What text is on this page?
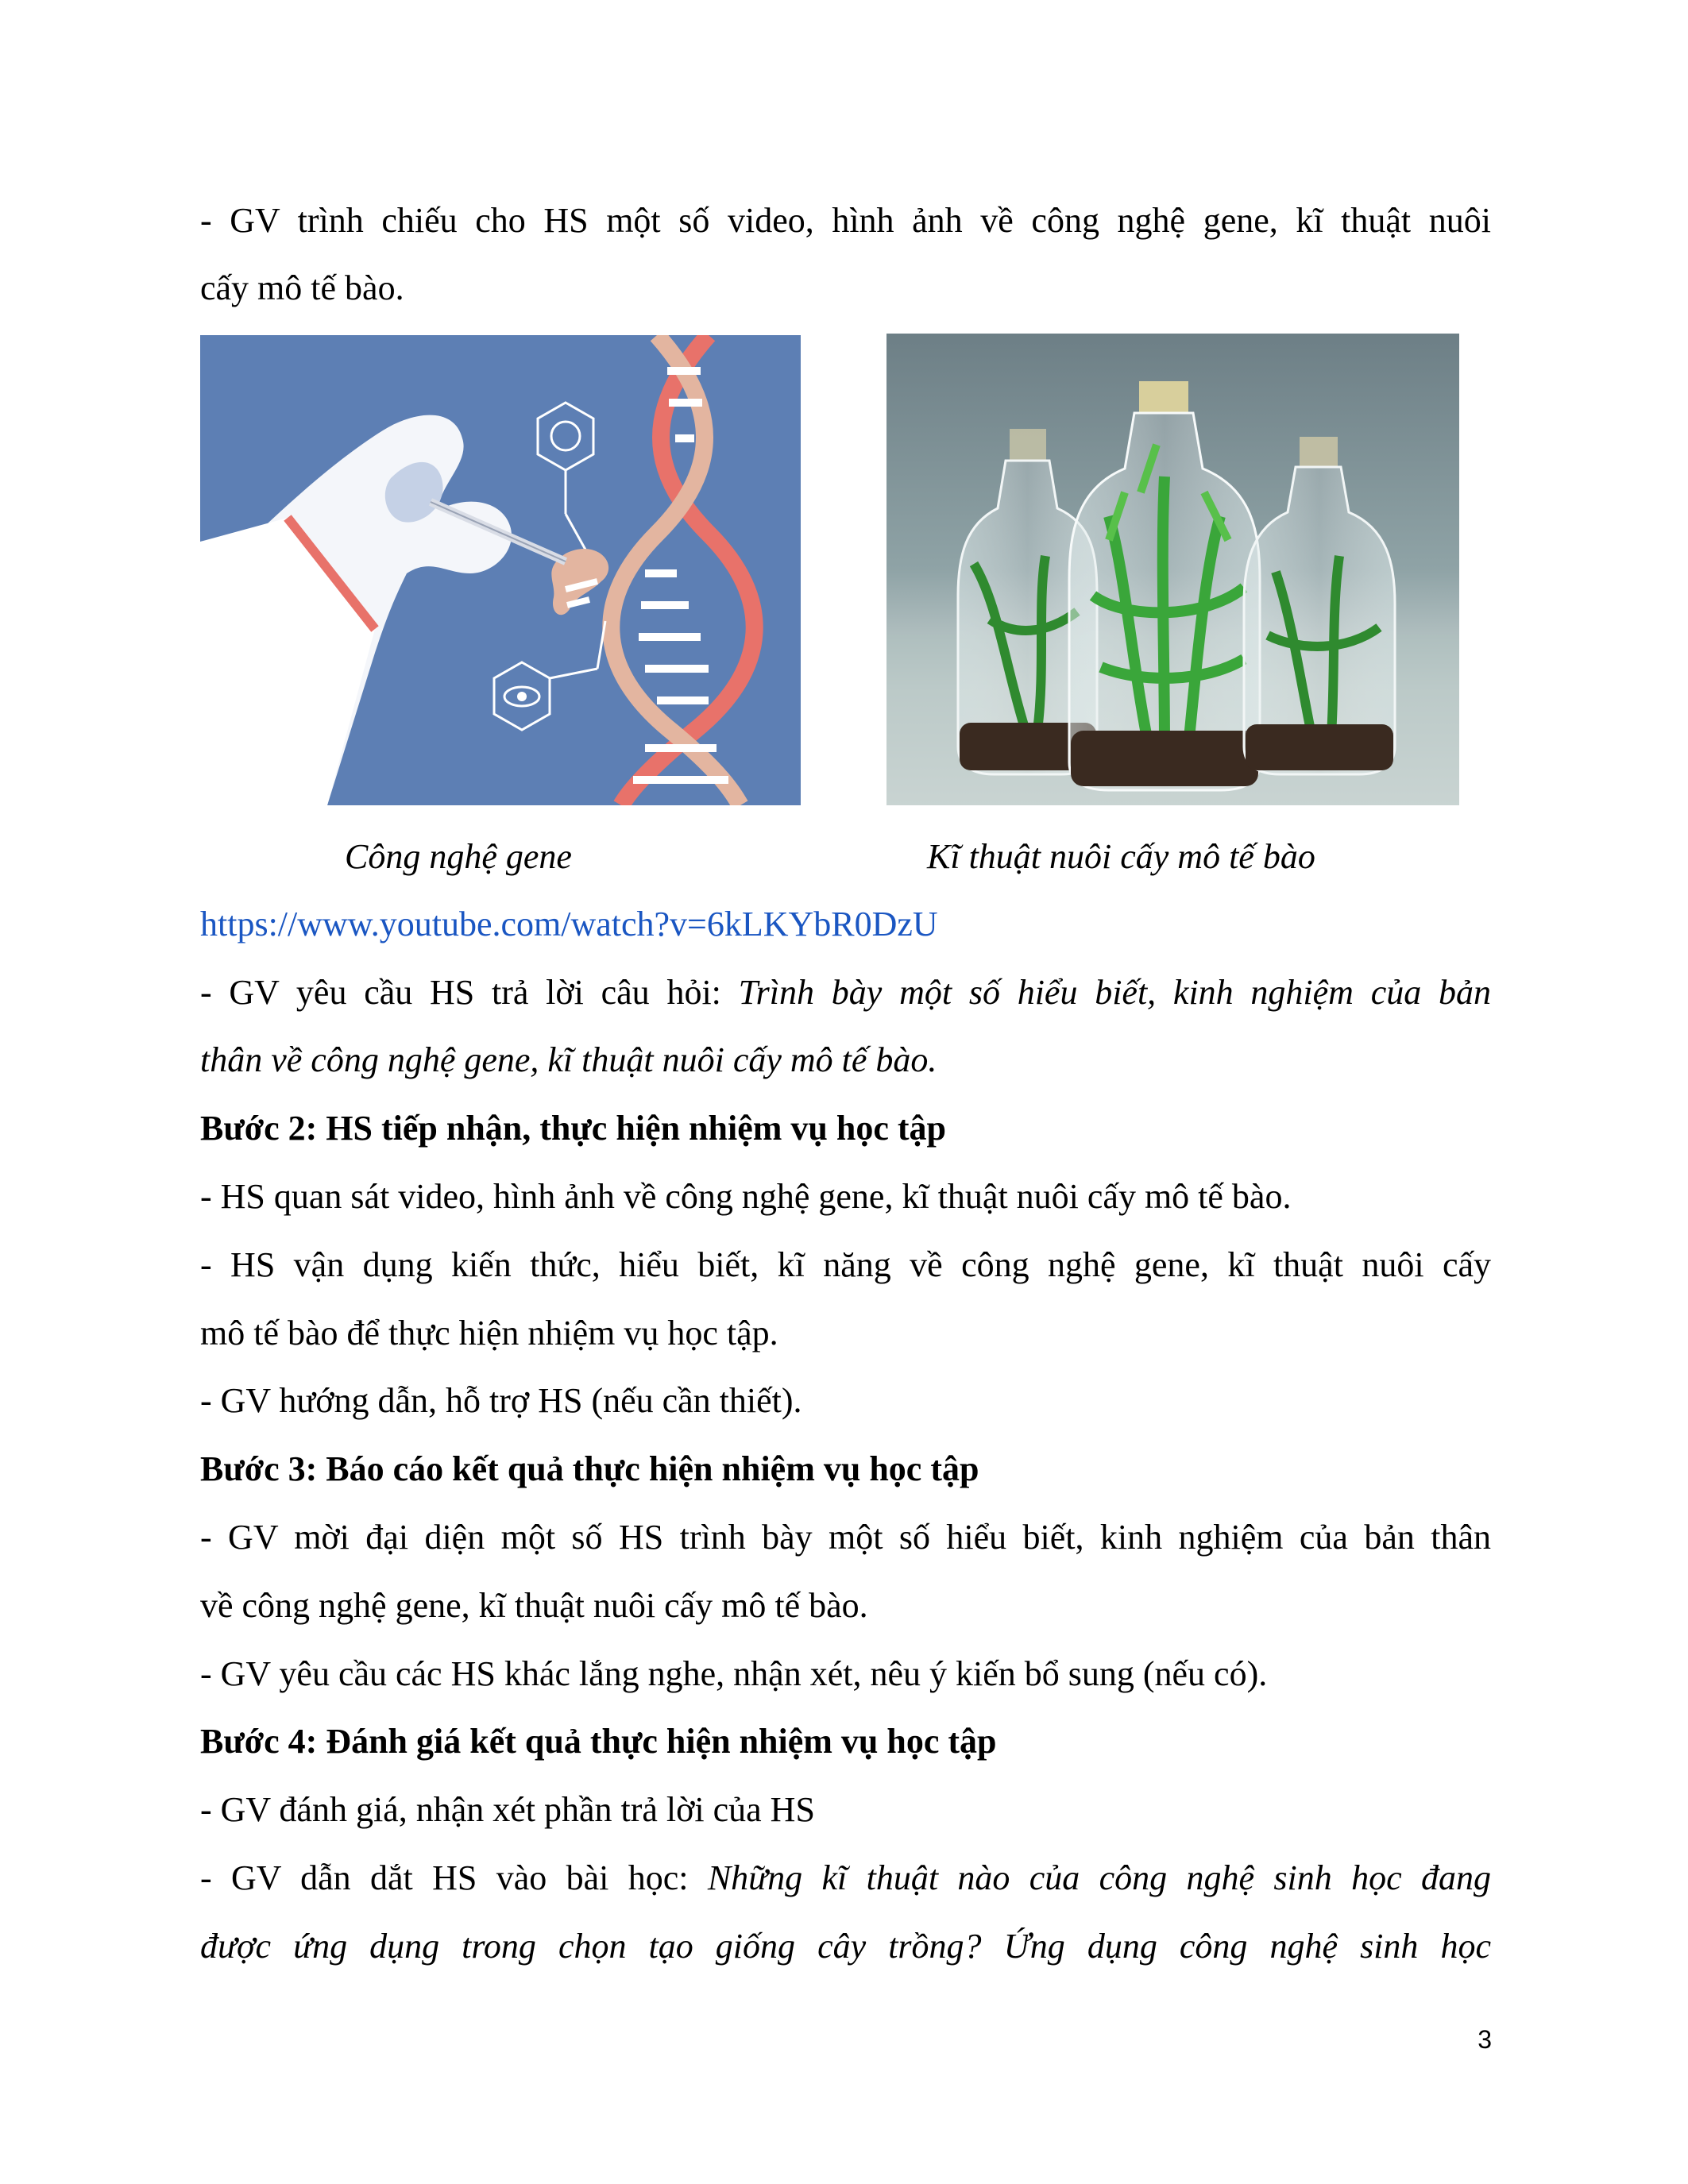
- GV trình chiếu cho HS một số video, hình ảnh về công nghệ gene, kĩ thuật nuôi
cấy mô tế bào.
Công nghệ gene	Kĩ thuật nuôi cấy mô tế bào
https://www.youtube.com/watch?v=6kLKYbR0DzU
- GV yêu cầu HS trả lời câu hỏi: Trình bày một số hiểu biết, kinh nghiệm của bản
thân về công nghệ gene, kĩ thuật nuôi cấy mô tế bào.
Bước 2: HS tiếp nhận, thực hiện nhiệm vụ học tập
- HS quan sát video, hình ảnh về công nghệ gene, kĩ thuật nuôi cấy mô tế bào.
- HS vận dụng kiến thức, hiểu biết, kĩ năng về công nghệ gene, kĩ thuật nuôi cấy
mô tế bào để thực hiện nhiệm vụ học tập.
- GV hướng dẫn, hỗ trợ HS (nếu cần thiết).
Bước 3: Báo cáo kết quả thực hiện nhiệm vụ học tập
- GV mời đại diện một số HS trình bày một số hiểu biết, kinh nghiệm của bản thân
về công nghệ gene, kĩ thuật nuôi cấy mô tế bào.
- GV yêu cầu các HS khác lắng nghe, nhận xét, nêu ý kiến bổ sung (nếu có).
Bước 4: Đánh giá kết quả thực hiện nhiệm vụ học tập
- GV đánh giá, nhận xét phần trả lời của HS
- GV dẫn dắt HS vào bài học: Những kĩ thuật nào của công nghệ sinh học đang
được ứng dụng trong chọn tạo giống cây trồng? Ứng dụng công nghệ sinh học
3
